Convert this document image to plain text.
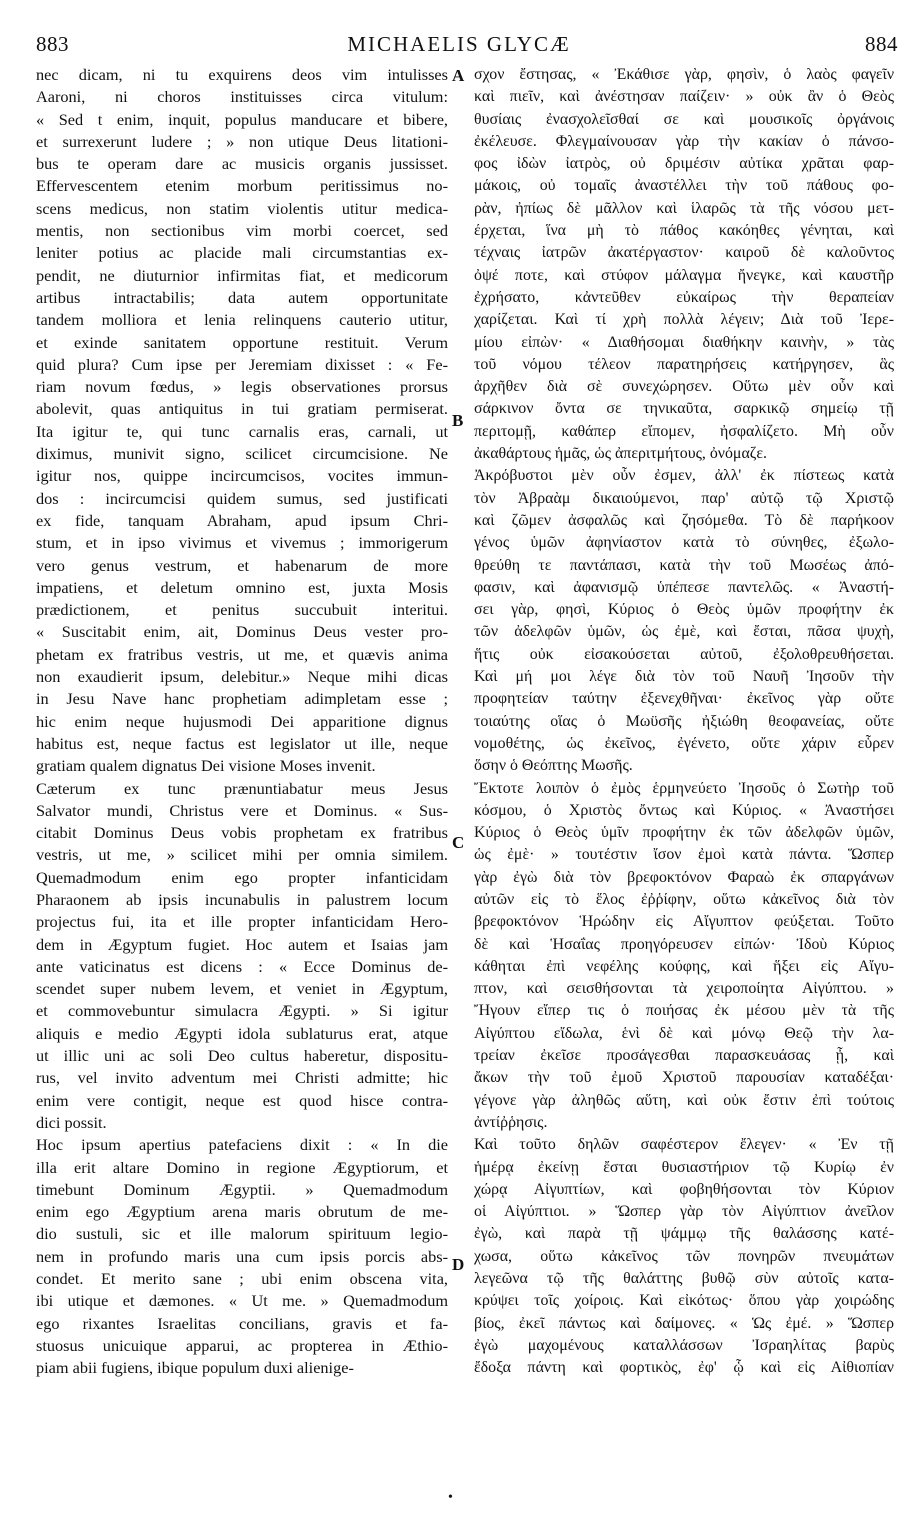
883	MICHAELIS GLYCÆ	884
nec dicam, ni tu exquirens deos vim intulisses
Aaroni, ni choros instituisses circa vitulum:
« Sed t enim, inquit, populus manducare et bibere,
et surrexerunt ludere ; » non utique Deus litationi-
bus te operam dare ac musicis organis jussisset.
Effervescentem etenim morbum peritissimus no-
scens medicus, non statim violentis utitur medica-
mentis, non sectionibus vim morbi coercet, sed
leniter potius ac placide mali circumstantias ex-
pendit, ne diuturnior infirmitas fiat, et medicorum
artibus intractabilis; data autem opportunitate
tandem molliora et lenia relinquens cauterio utitur,
et exinde sanitatem opportune restituit. Verum
quid plura? Cum ipse per Jeremiam dixisset : « Fe-
riam novum fœdus, » legis observationes prorsus
abolevit, quas antiquitus in tui gratiam permiserat.
Ita igitur te, qui tunc carnalis eras, carnali, ut
diximus, munivit signo, scilicet circumcisione. Ne
igitur nos, quippe incircumcisos, vocites immun-
dos : incircumcisi quidem sumus, sed justificati
ex fide, tanquam Abraham, apud ipsum Chri-
stum, et in ipso vivimus et vivemus ; immorigerum
vero genus vestrum, et habenarum de more
impatiens, et deletum omnino est, juxta Mosis
prædictionem, et penitus succubuit interitui.
« Suscitabit enim, ait, Dominus Deus vester pro-
phetam ex fratribus vestris, ut me, et quævis anima
non exaudierit ipsum, delebitur.» Neque mihi dicas
in Jesu Nave hanc prophetiam adimpletam esse ;
hic enim neque hujusmodi Dei apparitione dignus
habitus est, neque factus est legislator ut ille, neque
gratiam qualem dignatus Dei visione Moses invenit.
Cæterum ex tunc prænuntiabatur meus Jesus
Salvator mundi, Christus vere et Dominus. « Sus-
citabit Dominus Deus vobis prophetam ex fratribus
vestris, ut me, » scilicet mihi per omnia similem.
Quemadmodum enim ego propter infanticidam
Pharaonem ab ipsis incunabulis in palustrem locum
projectus fui, ita et ille propter infanticidam Hero-
dem in Ægyptum fugiet. Hoc autem et Isaias jam
ante vaticinatus est dicens : « Ecce Dominus de-
scendet super nubem levem, et veniet in Ægyptum,
et commovebuntur simulacra Ægypti. » Si igitur
aliquis e medio Ægypti idola sublaturus erat, atque
ut illic uni ac soli Deo cultus haberetur, dispositu-
rus, vel invito adventum mei Christi admitte; hic
enim vere contigit, neque est quod hisce contra-
dici possit.
Hoc ipsum apertius patefaciens dixit : « In die
illa erit altare Domino in regione Ægyptiorum, et
timebunt Dominum Ægyptii. » Quemadmodum
enim ego Ægyptium arena maris obrutum de me-
dio sustuli, sic et ille malorum spirituum legio-
nem in profundo maris una cum ipsis porcis abs-
condet. Et merito sane ; ubi enim obscena vita,
ibi utique et dæmones. « Ut me. » Quemadmodum
ego rixantes Israelitas concilians, gravis et fa-
stuosus unicuique apparui, ac propterea in Æthio-
piam abii fugiens, ibique populum duxi alienige-
σχον ἔστησας, « Ἐκάθισε γὰρ, φησὶν, ὁ λαὸς φαγεῖν
καὶ πιεῖν, καὶ ἀνέστησαν παίζειν· » οὐκ ἂν ὁ Θεὸς
θυσίαις ἐνασχολεῖσθαί σε καὶ μουσικοῖς ὀργάνοις
ἐκέλευσε. Φλεγμαίνουσαν γὰρ τὴν κακίαν ὁ πάνσο-
φος ἰδὼν ἰατρὸς, οὐ δριμέσιν αὐτίκα χρᾶται φαρ-
μάκοις, οὐ τομαῖς ἀναστέλλει τὴν τοῦ πάθους φο-
ρὰν, ἠπίως δὲ μᾶλλον καὶ ἱλαρῶς τὰ τῆς νόσου μετ-
έρχεται, ἵνα μὴ τὸ πάθος κακόηθες γένηται, καὶ
τέχναις ἰατρῶν ἀκατέργαστον· καιροῦ δὲ καλοῦντος
ὀψέ ποτε, καὶ στύφον μάλαγμα ἤνεγκε, καὶ καυστῆρ
ἐχρήσατο, κἀντεῦθεν εὐκαίρως τὴν θεραπείαν
χαρίζεται. Καὶ τί χρὴ πολλὰ λέγειν; Διὰ τοῦ Ἰερε-
μίου εἰπὼν· « Διαθήσομαι διαθήκην καινὴν, » τὰς
τοῦ νόμου τέλεον παρατηρήσεις κατήργησεν, ἃς
ἀρχῆθεν διὰ σὲ συνεχώρησεν. Οὕτω μὲν οὖν καὶ
σάρκινον ὄντα σε τηνικαῦτα, σαρκικῷ σημείῳ τῇ
περιτομῇ, καθάπερ εἴπομεν, ἠσφαλίζετο. Μὴ οὖν
ἀκαθάρτους ἡμᾶς, ὡς ἀπεριτμήτους, ὀνόμαζε.
Ἀκρόβυστοι μὲν οὖν ἐσμεν, ἀλλ' ἐκ πίστεως κατὰ
τὸν Ἀβραὰμ δικαιούμενοι, παρ' αὐτῷ τῷ Χριστῷ
καὶ ζῶμεν ἀσφαλῶς καὶ ζησόμεθα. Τὸ δὲ παρήκοον
γένος ὑμῶν ἀφηνίαστον κατὰ τὸ σύνηθες, ἐξωλο-
θρεύθη τε παντάπασι, κατὰ τὴν τοῦ Μωσέως ἀπό-
φασιν, καὶ ἀφανισμῷ ὑπέπεσε παντελῶς. « Ἀναστή-
σει γὰρ, φησὶ, Κύριος ὁ Θεὸς ὑμῶν προφήτην ἐκ
τῶν ἀδελφῶν ὑμῶν, ὡς ἐμὲ, καὶ ἔσται, πᾶσα ψυχὴ,
ἥτις οὐκ εἰσακούσεται αὐτοῦ, ἐξολοθρευθήσεται.
Καὶ μή μοι λέγε διὰ τὸν τοῦ Ναυῆ Ἰησοῦν τὴν
προφητείαν ταύτην ἐξενεχθῆναι· ἐκεῖνος γὰρ οὔτε
τοιαύτης οἵας ὁ Μωϋσῆς ἠξιώθη θεοφανείας, οὔτε
νομοθέτης, ὡς ἐκεῖνος, ἐγένετο, οὔτε χάριν εὗρεν
ὅσην ὁ Θεόπτης Μωσῆς.
Ἔκτοτε λοιπὸν ὁ ἐμὸς ἑρμηνεύετο Ἰησοῦς ὁ Σωτὴρ τοῦ
κόσμου, ὁ Χριστὸς ὄντως καὶ Κύριος. « Ἀναστήσει
Κύριος ὁ Θεὸς ὑμῖν προφήτην ἐκ τῶν ἀδελφῶν ὑμῶν,
ὡς ἐμὲ· » τουτέστιν ἴσον ἐμοὶ κατὰ πάντα. Ὥσπερ
γὰρ ἐγὼ διὰ τὸν βρεφοκτόνον Φαραὼ ἐκ σπαργάνων
αὐτῶν εἰς τὸ ἕλος ἐῤῥίφην, οὕτω κἀκεῖνος διὰ τὸν
βρεφοκτόνον Ἡρώδην εἰς Αἴγυπτον φεύξεται. Τοῦτο
δὲ καὶ Ἡσαΐας προηγόρευσεν εἰπών· Ἰδοὺ Κύριος
κάθηται ἐπὶ νεφέλης κούφης, καὶ ἥξει εἰς Αἴγυ-
πτον, καὶ σεισθήσονται τὰ χειροποίητα Αἰγύπτου. »
Ἤγουν εἴπερ τις ὁ ποιήσας ἐκ μέσου μὲν τὰ τῆς
Αἰγύπτου εἴδωλα, ἑνὶ δὲ καὶ μόνῳ Θεῷ τὴν λα-
τρείαν ἐκεῖσε προσάγεσθαι παρασκευάσας ᾖ, καὶ
ἄκων τὴν τοῦ ἐμοῦ Χριστοῦ παρουσίαν καταδέξαι·
γέγονε γὰρ ἀληθῶς αὕτη, καὶ οὐκ ἔστιν ἐπὶ τούτοις
ἀντίῤῥησις.
Καὶ τοῦτο δηλῶν σαφέστερον ἔλεγεν· « Ἐν τῇ
ἡμέρᾳ ἐκείνῃ ἔσται θυσιαστήριον τῷ Κυρίῳ ἐν
χώρᾳ Αἰγυπτίων, καὶ φοβηθήσονται τὸν Κύριον
οἱ Αἰγύπτιοι. » Ὥσπερ γὰρ τὸν Αἰγύπτιον ἀνεῖλον
ἐγὼ, καὶ παρὰ τῇ ψάμμῳ τῆς θαλάσσης κατέ-
χωσα, οὕτω κἀκεῖνος τῶν πονηρῶν πνευμάτων
λεγεῶνα τῷ τῆς θαλάττης βυθῷ σὺν αὐτοῖς κατα-
κρύψει τοῖς χοίροις. Καὶ εἰκότως· ὅπου γὰρ χοιρώδης
βίος, ἐκεῖ πάντως καὶ δαίμονες. « Ὡς ἐμέ. » Ὥσπερ
ἐγὼ μαχομένους καταλλάσσων Ἰσραηλίτας βαρὺς
ἔδοξα πάντη καὶ φορτικὸς, ἐφ' ᾧ καὶ εἰς Αἰθιοπίαν
A
B
C
D
•
